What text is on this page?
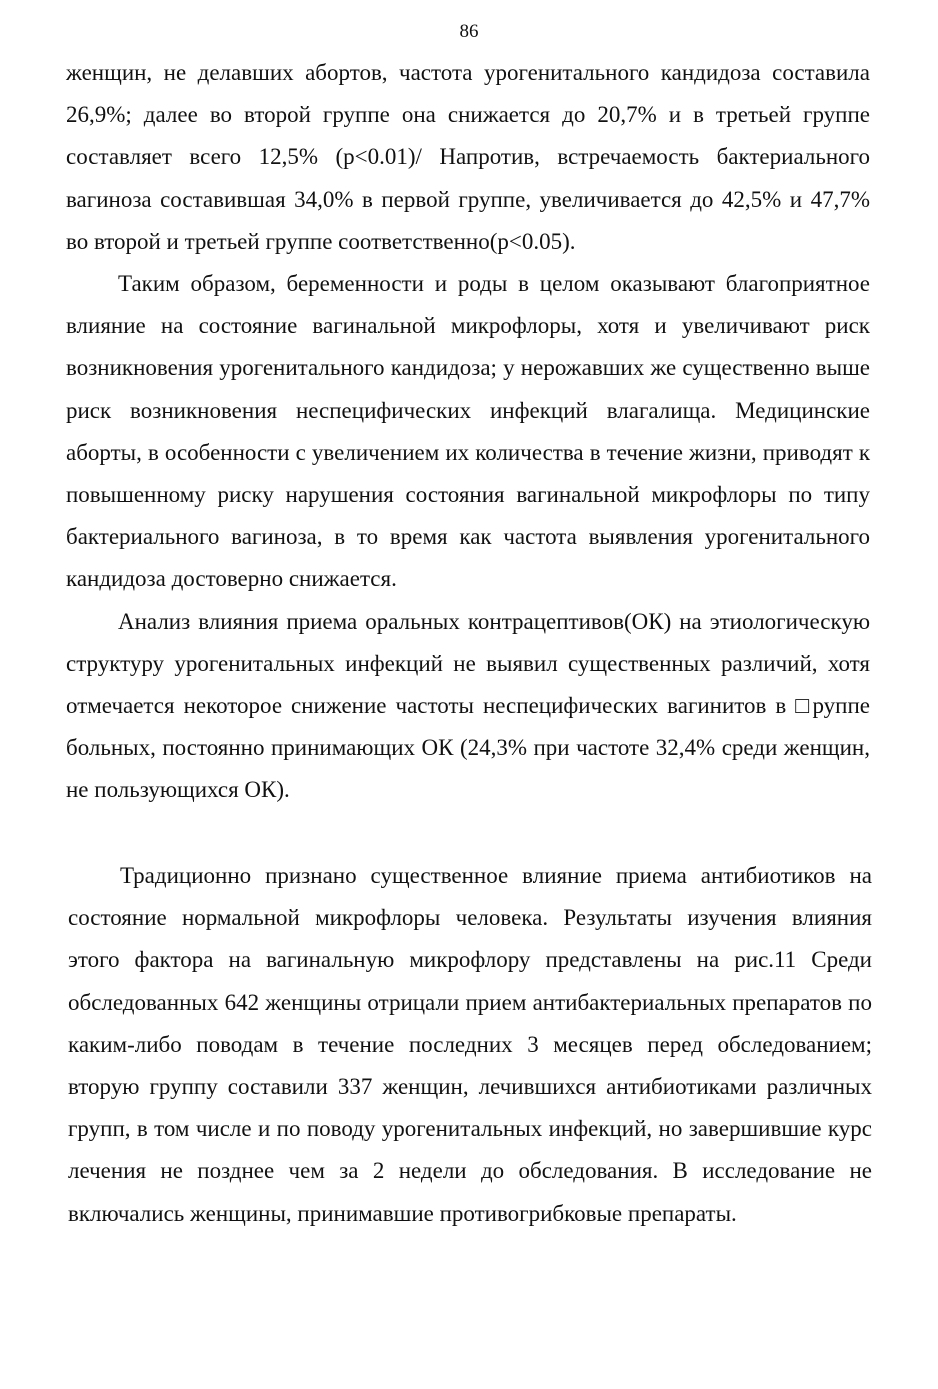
86

женщин, не делавших абортов, частота урогенитального кандидоза составила 26,9%; далее во второй группе она снижается до 20,7% и в третьей группе составляет всего 12,5% (p<0.01)/ Напротив, встречаемость бактериального вагиноза составившая 34,0% в первой группе, увеличивается до 42,5% и 47,7% во второй и третьей группе соответственно(p<0.05).

Таким образом, беременности и роды в целом оказывают благоприятное влияние на состояние вагинальной микрофлоры, хотя и увеличивают риск возникновения урогенитального кандидоза; у нерожавших же существенно выше риск возникновения неспецифических инфекций влагалища. Медицинские аборты, в особенности с увеличением их количества в течение жизни, приводят к повышенному риску нарушения состояния вагинальной микрофлоры по типу бактериального вагиноза, в то время как частота выявления урогенитального кандидоза достоверно снижается.

Анализ влияния приема оральных контрацептивов(ОК) на этиологическую структуру урогенитальных инфекций не выявил существенных различий, хотя отмечается некоторое снижение частоты неспецифических вагинитов в □руппе больных, постоянно принимающих ОК (24,3% при частоте 32,4% среди женщин, не пользующихся ОК).

Традиционно признано существенное влияние приема антибиотиков на состояние нормальной микрофлоры человека. Результаты изучения влияния этого фактора на вагинальную микрофлору представлены на рис.11 Среди обследованных 642 женщины отрицали прием антибактериальных препаратов по каким-либо поводам в течение последних 3 месяцев перед обследованием; вторую группу составили 337 женщин, лечившихся антибиотиками различных групп, в том числе и по поводу урогенитальных инфекций, но завершившие курс лечения не позднее чем за 2 недели до обследования. В исследование не включались женщины, принимавшие противогрибковые препараты.
